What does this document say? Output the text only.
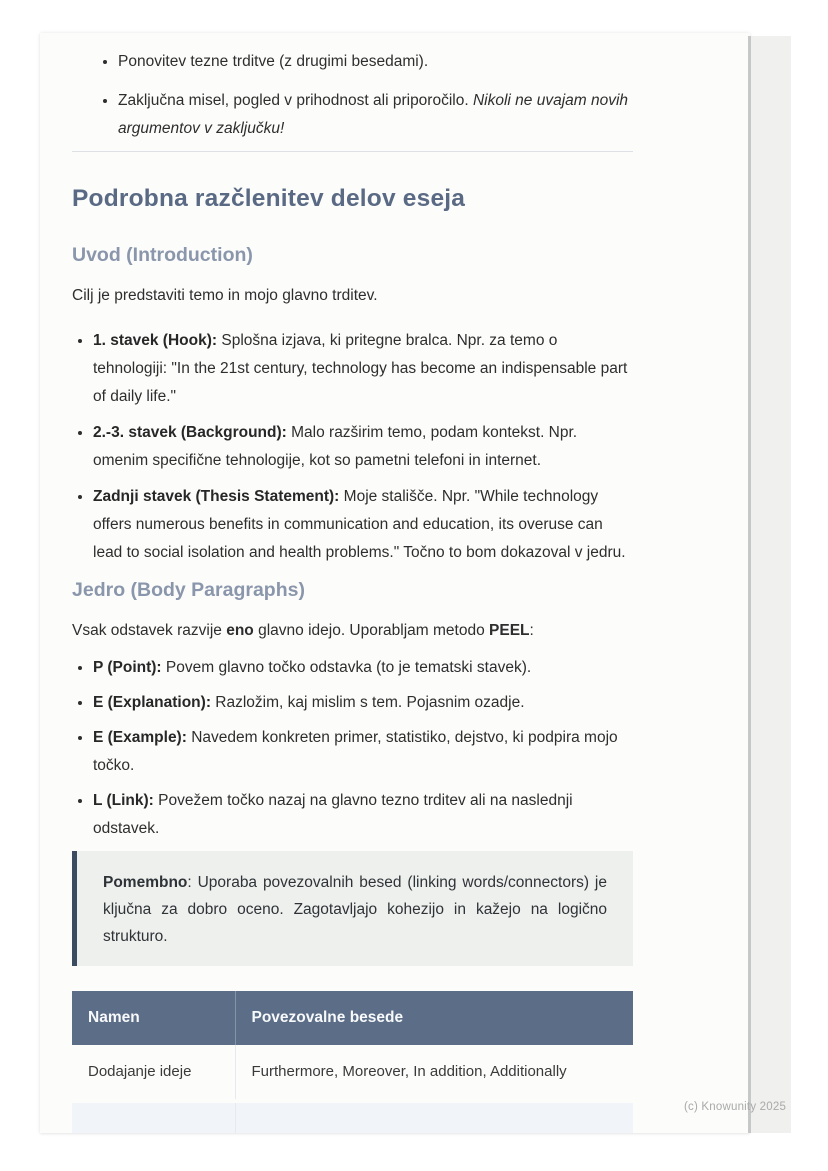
• Ponovitev tezne trditve (z drugimi besedami).
• Zaključna misel, pogled v prihodnost ali priporočilo. Nikoli ne uvajam novih argumentov v zaključku!
Podrobna razčlenitev delov eseja
Uvod (Introduction)

Cilj je predstaviti temo in mojo glavno trditev.

• 1. stavek (Hook): Splošna izjava, ki pritegne bralca. Npr. za temo o tehnologiji: "In the 21st century, technology has become an indispensable part of daily life."
• 2.-3. stavek (Background): Malo razširim temo, podam kontekst. Npr. omenim specifične tehnologije, kot so pametni telefoni in internet.
• Zadnji stavek (Thesis Statement): Moje stališče. Npr. "While technology offers numerous benefits in communication and education, its overuse can lead to social isolation and health problems." Točno to bom dokazoval v jedru.
Jedro (Body Paragraphs)

Vsak odstavek razvije eno glavno idejo. Uporabljam metodo PEEL:

• P (Point): Povem glavno točko odstavka (to je tematski stavek).
• E (Explanation): Razložim, kaj mislim s tem. Pojasnim ozadje.
• E (Example): Navedem konkreten primer, statistiko, dejstvo, ki podpira mojo točko.
• L (Link): Povežem točko nazaj na glavno tezno trditev ali na naslednji odstavek.

Pomembno: Uporaba povezovalnih besed (linking words/connectors) je ključna za dobro oceno. Zagotavljajo kohezijo in kažejo na logično strukturo.

Namen	Povezovalne besede
Dodajanje ideje	Furthermore, Moreover, In addition, Additionally

(c) Knowunity 2025
